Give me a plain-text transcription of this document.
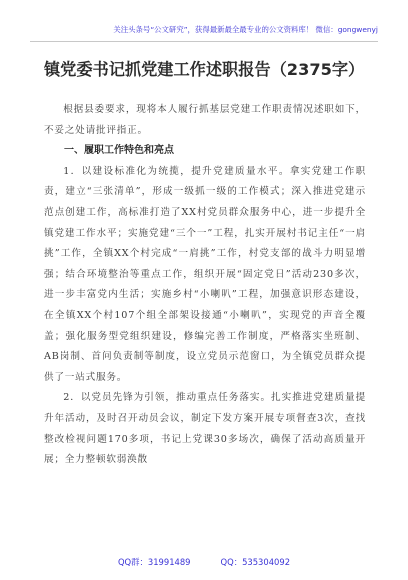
关注头条号“公文研究”，获得最新最全最专业的公文资料库！ 微信：gongwenyj
镇党委书记抓党建工作述职报告（2375字）

根据县委要求，现将本人履行抓基层党建工作职责情况述职如下，不妥之处请批评指正。

一、履职工作特色和亮点

1．以建设标准化为统揽，提升党建质量水平。拿实党建工作职责，建立“三张清单”，形成一级抓一级的工作模式；深入推进党建示范点创建工作，高标准打造了XX村党员群众服务中心，进一步提升全镇党建工作水平；实施党建“三个一”工程，扎实开展村书记主任“一肩挑”工作，全镇XX个村完成“一肩挑”工作，村党支部的战斗力明显增强；结合环境整治等重点工作，组织开展“固定党日”活动230多次，进一步丰富党内生活；实施乡村“小喇叭”工程，加强意识形态建设，在全镇XX个村107个组全部架设接通“小喇叭”，实现党的声音全覆盖；强化服务型党组织建设，修编完善工作制度，严格落实坐班制、AB岗制、首问负责制等制度，设立党员示范窗口，为全镇党员群众提供了一站式服务。

2．以党员先锋为引领，推动重点任务落实。扎实推进党建质量提升年活动，及时召开动员会议，制定下发方案开展专项督查3次，查找整改检视问题170多项，书记上党课30多场次，确保了活动高质量开展；全力整顿软弱涣散

QQ群：31991489	QQ：535304092
